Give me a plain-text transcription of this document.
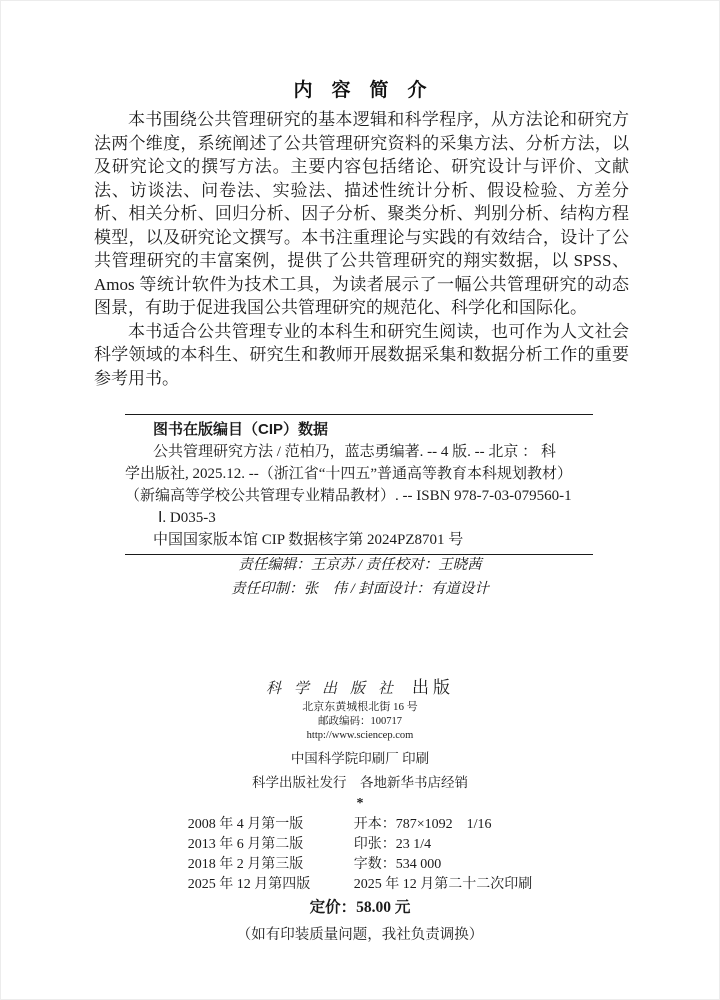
内　容　简　介

本书围绕公共管理研究的基本逻辑和科学程序，从方法论和研究方法两个维度，系统阐述了公共管理研究资料的采集方法、分析方法，以及研究论文的撰写方法。主要内容包括绪论、研究设计与评价、文献法、访谈法、问卷法、实验法、描述性统计分析、假设检验、方差分析、相关分析、回归分析、因子分析、聚类分析、判别分析、结构方程模型，以及研究论文撰写。本书注重理论与实践的有效结合，设计了公共管理研究的丰富案例，提供了公共管理研究的翔实数据，以 SPSS、Amos 等统计软件为技术工具，为读者展示了一幅公共管理研究的动态图景，有助于促进我国公共管理研究的规范化、科学化和国际化。

本书适合公共管理专业的本科生和研究生阅读，也可作为人文社会科学领域的本科生、研究生和教师开展数据采集和数据分析工作的重要参考用书。

图书在版编目（CIP）数据
公共管理研究方法 / 范柏乃，蓝志勇编著. -- 4 版. -- 北京 ： 科
学出版社, 2025.12. --（浙江省“十四五”普通高等教育本科规划教材）
（新编高等学校公共管理专业精品教材）. -- ISBN 978-7-03-079560-1
Ⅰ. D035-3
中国国家版本馆 CIP 数据核字第 2024PZ8701 号
责任编辑：王京苏 / 责任校对：王晓茜
责任印制：张　伟 / 封面设计：有道设计
科学出版社 出版
北京东黄城根北街 16 号
邮政编码：100717
http://www.sciencep.com
中国科学院印刷厂 印刷
科学出版社发行　各地新华书店经销
*
2008 年 4 月第一版	开本：787×1092　1/16
2013 年 6 月第二版	印张：23 1/4
2018 年 2 月第三版	字数：534 000
2025 年 12 月第四版	2025 年 12 月第二十二次印刷
定价：58.00 元
（如有印装质量问题，我社负责调换）
